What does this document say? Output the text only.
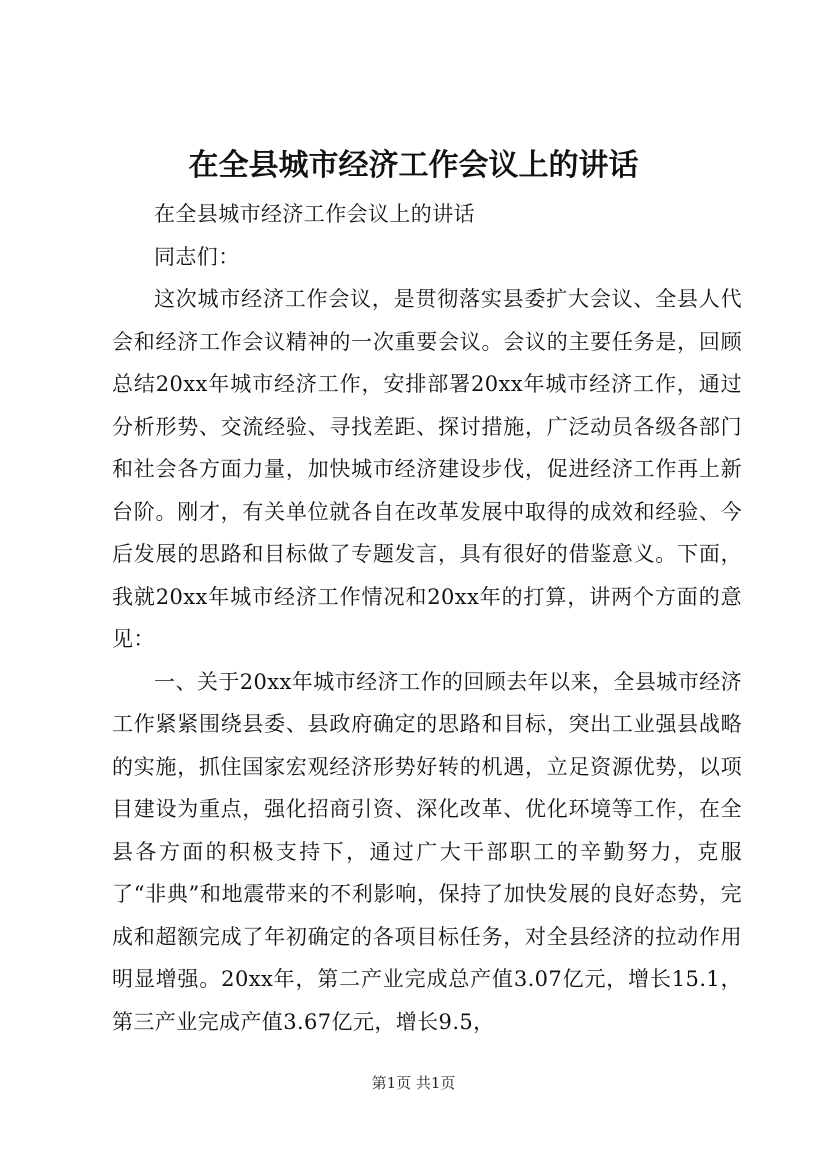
在全县城市经济工作会议上的讲话

在全县城市经济工作会议上的讲话

同志们：

这次城市经济工作会议，是贯彻落实县委扩大会议、全县人代会和经济工作会议精神的一次重要会议。会议的主要任务是，回顾总结20xx年城市经济工作，安排部署20xx年城市经济工作，通过分析形势、交流经验、寻找差距、探讨措施，广泛动员各级各部门和社会各方面力量，加快城市经济建设步伐，促进经济工作再上新台阶。刚才，有关单位就各自在改革发展中取得的成效和经验、今后发展的思路和目标做了专题发言，具有很好的借鉴意义。下面，我就20xx年城市经济工作情况和20xx年的打算，讲两个方面的意见：

一、关于20xx年城市经济工作的回顾去年以来，全县城市经济工作紧紧围绕县委、县政府确定的思路和目标，突出工业强县战略的实施，抓住国家宏观经济形势好转的机遇，立足资源优势，以项目建设为重点，强化招商引资、深化改革、优化环境等工作，在全县各方面的积极支持下，通过广大干部职工的辛勤努力，克服了“非典”和地震带来的不利影响，保持了加快发展的良好态势，完成和超额完成了年初确定的各项目标任务，对全县经济的拉动作用明显增强。20xx年，第二产业完成总产值3.07亿元，增长15.1，第三产业完成产值3.67亿元，增长9.5，

第1页 共1页
